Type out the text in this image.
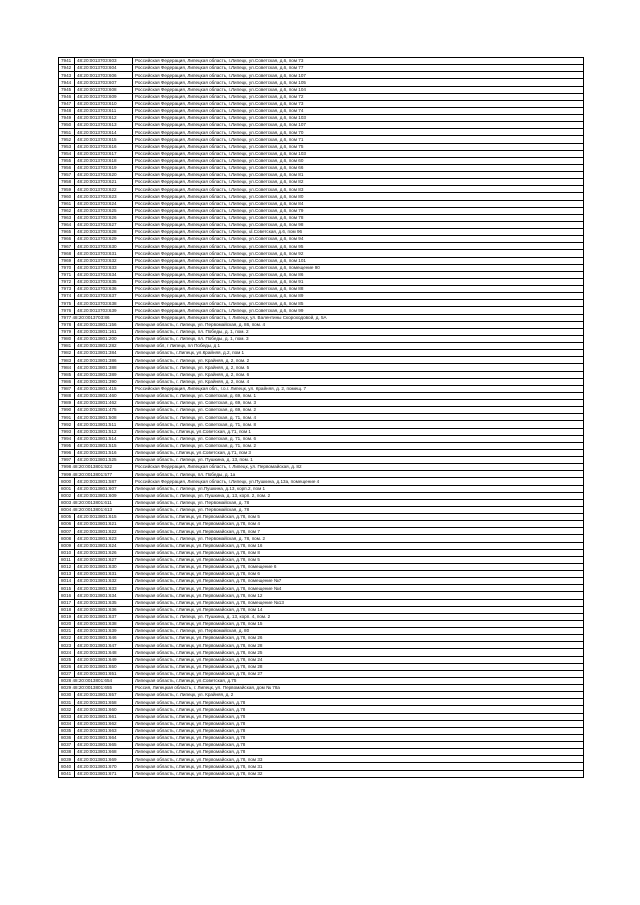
7941	48:20:0013703:603	Российская Федерация, Липецкая область, г.Липецк, ул.Советская, д.6, пом 73
7942	48:20:0013703:604	Российская Федерация, Липецкая область, г.Липецк, ул.Советская, д.6, пом 77
7943	48:20:0013703:606	Российская Федерация, Липецкая область, г.Липецк, ул.Советская, д.6, пом 107
7944	48:20:0013703:607	Российская Федерация, Липецкая область, г.Липецк, ул.Советская, д.6, пом 105
7945	48:20:0013703:608	Российская Федерация, Липецкая область, г.Липецк, ул.Советская, д.6, пом 104
7946	48:20:0013703:609	Российская Федерация, Липецкая область, г.Липецк, ул.Советская, д.6, пом 72
7947	48:20:0013703:610	Российская Федерация, Липецкая область, г.Липецк, ул.Советская, д.6, пом 73
7948	48:20:0013703:611	Российская Федерация, Липецкая область, г.Липецк, ул.Советская, д.6, пом 74
7949	48:20:0013703:612	Российская Федерация, Липецкая область, г.Липецк, ул.Советская, д.6, пом 103
7950	48:20:0013703:613	Российская Федерация, Липецкая область, г.Липецк, ул.Советская, д.6, пом 107
7951	48:20:0013703:614	Российская Федерация, Липецкая область, г.Липецк, ул.Советская, д.6, пом 70
7952	48:20:0013703:615	Российская Федерация, Липецкая область, г.Липецк, ул.Советская, д.6, пом 71
7953	48:20:0013703:616	Российская Федерация, Липецкая область, г.Липецк, ул.Советская, д.6, пом 75
7954	48:20:0013703:617	Российская Федерация, Липецкая область, г.Липецк, ул.Советская, д.6, пом 103
7955	48:20:0013703:618	Российская Федерация, Липецкая область, г.Липецк, ул.Советская, д.6, пом 60
7956	48:20:0013703:619	Российская Федерация, Липецкая область, г.Липецк, ул.Советская, д.6, пом 66
7957	48:20:0013703:620	Российская Федерация, Липецкая область, г.Липецк, ул.Советская, д.6, пом 81
7958	48:20:0013703:621	Российская Федерация, Липецкая область, г.Липецк, ул.Советская, д.6, пом 82
7959	48:20:0013703:622	Российская Федерация, Липецкая область, г.Липецк, ул.Советская, д.6, пом 83
7960	48:20:0013703:623	Российская Федерация, Липецкая область, г.Липецк, ул.Советская, д.6, пом 80
7961	48:20:0013703:624	Российская Федерация, Липецкая область, г.Липецк, ул.Советская, д.6, пом 84
7962	48:20:0013703:625	Российская Федерация, Липецкая область, г.Липецк, ул.Советская, д.6, пом 79
7963	48:20:0013703:626	Российская Федерация, Липецкая область, г.Липецк, ул.Советская, д.6, пом 78
7964	48:20:0013703:627	Российская Федерация, Липецкая область, г.Липецк, ул.Советская, д.6, пом 98
7965	48:20:0013703:628	Российская Федерация, Липецкая область, г.Липецк, ul.Советская, д.6, пом 96
7966	48:20:0013703:629	Российская Федерация, Липецкая область, г.Липецк, ул.Советская, д.6, пом 94
7967	48:20:0013703:630	Российская Федерация, Липецкая область, г.Липецк, ул.Советская, д.6, пом 95
7968	48:20:0013703:631	Российская Федерация, Липецкая область, г.Липецк, ул.Советская, д.6, пом 92
7969	48:20:0013703:632	Российская Федерация, Липецкая область, г.Липецк, ул.Советская, д.6, пом 101
7970	48:20:0013703:633	Российская Федерация, Липецкая область, г.Липецк, ул.Советская, д.6, помещение 90
7971	48:20:0013703:634	Российская Федерация, Липецкая область, г.Липецк, ул.Советская, д.6, пом 86
7972	48:20:0013703:635	Российская Федерация, Липецкая область, г.Липецк, ул.Советская, д.6, пом 91
7973	48:20:0013703:636	Российская Федерация, Липецкая область, г.Липецк, ул.Советская, д.6, пом 88
7974	48:20:0013703:637	Российская Федерация, Липецкая область, г.Липецк, ул.Советская, д.6, пом 89
7975	48:20:0013703:638	Российская Федерация, Липецкая область, г.Липецк, ул.Советская, д.6, пом 85
7976	48:20:0013703:639	Российская Федерация, Липецкая область, г.Липецк, ул.Советская, д.6, пом 99
7977 48:20:0013703:86		Российская Федерация, Липецкая область, г. Липецк, ул. Валентины Скороходовой, д. 5А
7978	48:20:0013801:156	Липецкая область, г. Липецк, ул. Первомайская, д. 86, пом. 4
7979	48:20:0013801:161	Липецкая область, г. Липецк, пл. Победы, д. 1, пом. 2
7980	48:20:0013801:200	Липецкая область, г. Липецк, пл. Победы, д. 1, пом. 3
7981	48:20:0013801:282	Липецкая обл, г Липецк, пл Победы, д 1
7982	48:20:0013801:384	Липецкая область, г.Липецк, ул.Крайняя, д.2, пом 1
7983	48:20:0013801:386	Липецкая область, г. Липецк, ул. Крайняя, д. 2, пом. 2
7984	48:20:0013801:388	Липецкая область, г. Липецк, ул. Крайняя, д. 2, пом. 5
7985	48:20:0013801:389	Липецкая область, г. Липецк, ул. Крайняя, д. 2, пом. 6
7986	48:20:0013801:390	Липецкая область, г. Липецк, ул. Крайняя, д. 2, пом. 4
7987	48:20:0013801:415	Российская Федерация, Липецкая обл., г.о.г. Липецк, ул. Крайняя, д. 2, помещ. 7
7988	48:20:0013801:460	Липецкая область, г. Липецк, ул. Советская, д. 69, пом. 1
7989	48:20:0013801:462	Липецкая область, г. Липецк, ул. Советская, д. 69, пом. 3
7990	48:20:0013801:475	Липецкая область, г. Липецк, ул. Советская, д. 69, пом. 2
7991	48:20:0013801:508	Липецкая область, г. Липецк, ул. Советская, д. 71, пом. 4
7992	48:20:0013801:511	Липецкая область, г. Липецк, ул. Советская, д. 71, пом. 8
7993	48:20:0013801:512	Липецкая область, г.Липецк, ул.Советская, д.71, пом 1
7994	48:20:0013801:514	Липецкая область, г. Липецк, ул. Советская, д. 71, пом. 6
7995	48:20:0013801:515	Липецкая область, г. Липецк, ул. Советская, д. 71, пом. 2
7996	48:20:0013801:516	Липецкая область, г.Липецк, ул.Советская, д.71, пом 3
7997	48:20:0013801:525	Липецкая область, г. Липецк, ул. Пушкина, д. 13, пом. 1
7998 48:20:0013801:522		Российская Федерация, Липецкая область, г. Липецк, ул. Первомайская, д. 82
7999 48:20:0013801:577		Липецкая область, г. Липецк, пл. Победы, д. 1а
8000	48:20:0013801:587	Российская Федерация, Липецкая область, г.Липецк, ул.Пушкина, д.13а, помещение 4
8001	48:20:0013801:607	Липецкая область, г. Липецк, ул.Пушкина, д.13, корп.2, пом 1
8002	48:20:0013801:609	Липецкая область, г. Липецк, ул. Пушкина, д. 13, корп. 2, пом. 2
8003 48:20:0013801:611		Липецкая область, г. Липецк, ул. Первомайская, д. 78
8004 48:20:0013801:613		Липецкая область, г. Липецк, ул. Первомайская, д. 78
8005	48:20:0013801:615	Липецкая область, г.Липецк, ул.Первомайская, д.78, пом 5
8006	48:20:0013801:621	Липецкая область, г.Липецк, ул.Первомайская, д.78, пом 4
8007	48:20:0013801:622	Липецкая область, г.Липецк, ул.Первомайская, д.78, пом 7
8008	48:20:0013801:623	Липецкая область, г. Липецк, ул. Первомайская, д. 78, пом. 2
8009	48:20:0013801:624	Липецкая область, г.Липецк, ул.Первомайская, д.78, пом 16
8010	48:20:0013801:626	Липецкая область, г.Липецк, ул.Первомайская, д.78, пом 8
8011	48:20:0013801:627	Липецкая область, г.Липецк, ул.Первомайская, д.78, пом 5
8012	48:20:0013801:630	Липецкая область, г.Липецк, ул.Первомайская, д.78, помещение 6
8013	48:20:0013801:631	Липецкая область, г.Липецк, ул.Первомайская, д.78, пом 6
8014	48:20:0013801:632	Липецкая область, г.Липецк, ул.Первомайская, д.78, помещение №7
8015	48:20:0013801:633	Липецкая область, г.Липецк, ул.Первомайская, д.78, помещение №4
8016	48:20:0013801:634	Липецкая область, г.Липецк, ул.Первомайская, д.78, пом 12
8017	48:20:0013801:635	Липецкая область, г.Липецк, ул.Первомайская, д.78, помещение №13
8018	48:20:0013801:636	Липецкая область, г.Липецк, ул.Первомайская, д.78, пом 14
8019	48:20:0013801:637	Липецкая область, г. Липецк, ул. Пушкина, д. 13, корп. 4, пом. 2
8020	48:20:0013801:638	Липецкая область, г.Липецк, ул.Первомайская, д.78, пом 15
8021	48:20:0013801:639	Липецкая область, г. Липецк, ул. Первомайская, д. 80
8022	48:20:0013801:646	Липецкая область, г.Липецк, ул.Первомайская, д.78, пом 26
8023	48:20:0013801:647	Липецкая область, г.Липецк, ул.Первомайская, д.78, пом 28
8024	48:20:0013801:648	Липецкая область, г.Липецк, ул.Первомайская, д.78, пом 25
8025	48:20:0013801:649	Липецкая область, г.Липецк, ул.Первомайская, д.78, пом 24
8026	48:20:0013801:650	Липецкая область, г.Липецк, ул.Первомайская, д.78, пом 28
8027	48:20:0013801:651	Липецкая область, г.Липецк, ул.Первомайская, д.78, пом 27
8028 48:20:0013801:654		Липецкая область, г.Липецк, ул.Советская, д.75
8029 48:20:0013801:655		Россия, Липецкая область, г. Липецк, ул. Первомайская, дом № 78а
8030	48:20:0013801:657	Липецкая область, г. Липецк, ул. Крайняя, д. 2
8031	48:20:0013801:658	Липецкая область, г.Липецк, ул.Первомайская, д.78
8032	48:20:0013801:660	Липецкая область, г.Липецк, ул.Первомайская, д.78
8033	48:20:0013801:661	Липецкая область, г.Липецк, ул.Первомайская, д.78
8034	48:20:0013801:662	Липецкая область, г.Липецк, ул.Первомайская, д.78
8035	48:20:0013801:663	Липецкая область, г.Липецк, ул.Первомайская, д.78
8036	48:20:0013801:664	Липецкая область, г.Липецк, ул.Первомайская, д.78
8037	48:20:0013801:665	Липецкая область, г.Липецк, ул.Первомайская, д.78
8038	48:20:0013801:668	Липецкая область, г.Липецк, ул.Первомайская, д.78
8039	48:20:0013801:669	Липецкая область, г.Липецк, ул.Первомайская, д.78, пом 33
8040	48:20:0013801:670	Липецкая область, г.Липецк, ул.Первомайская, д.78, пом 31
8041	48:20:0013801:671	Липецкая область, г.Липецк, ул.Первомайская, д.78, пом 32
